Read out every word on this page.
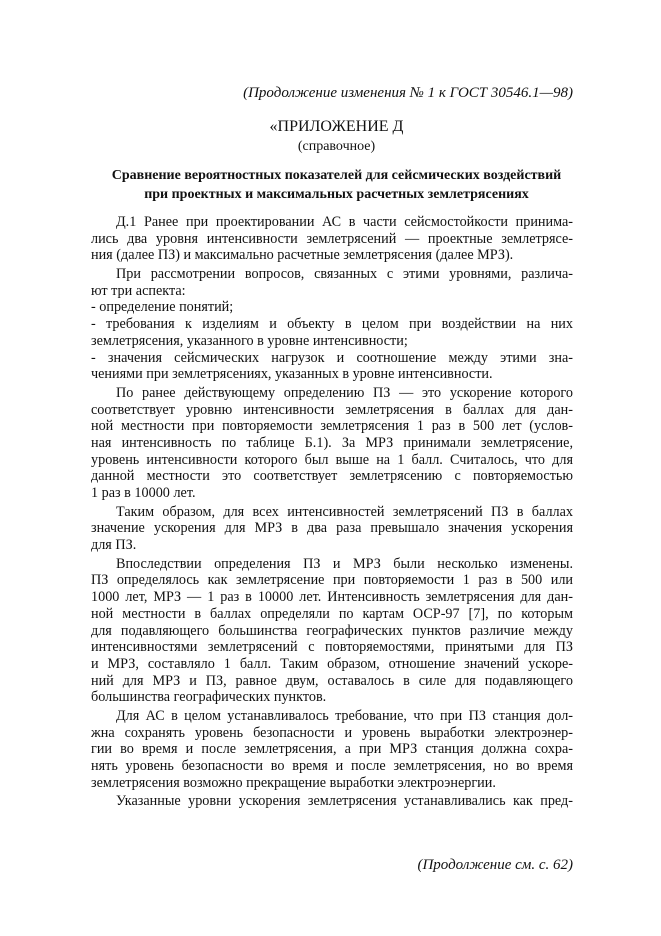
(Продолжение изменения № 1 к ГОСТ 30546.1—98)
«ПРИЛОЖЕНИЕ Д
(справочное)
Сравнение вероятностных показателей для сейсмических воздействий
при проектных и максимальных расчетных землетрясениях
Д.1 Ранее при проектировании АС в части сейсмостойкости принима-
лись два уровня интенсивности землетрясений — проектные землетрясе-
ния (далее ПЗ) и максимально расчетные землетрясения (далее МРЗ).
При рассмотрении вопросов, связанных с этими уровнями, различа-
ют три аспекта:
- определение понятий;
- требования к изделиям и объекту в целом при воздействии на них
землетрясения, указанного в уровне интенсивности;
- значения сейсмических нагрузок и соотношение между этими зна-
чениями при землетрясениях, указанных в уровне интенсивности.
По ранее действующему определению ПЗ — это ускорение которого
соответствует уровню интенсивности землетрясения в баллах для дан-
ной местности при повторяемости землетрясения 1 раз в 500 лет (услов-
ная интенсивность по таблице Б.1). За МРЗ принимали землетрясение,
уровень интенсивности которого был выше на 1 балл. Считалось, что для
данной местности это соответствует землетрясению с повторяемостью
1 раз в 10000 лет.
Таким образом, для всех интенсивностей землетрясений ПЗ в баллах
значение ускорения для МРЗ в два раза превышало значения ускорения
для ПЗ.
Впоследствии определения ПЗ и МРЗ были несколько изменены.
ПЗ определялось как землетрясение при повторяемости 1 раз в 500 или
1000 лет, МРЗ — 1 раз в 10000 лет. Интенсивность землетрясения для дан-
ной местности в баллах определяли по картам ОСР-97 [7], по которым
для подавляющего большинства географических пунктов различие между
интенсивностями землетрясений с повторяемостями, принятыми для ПЗ
и МРЗ, составляло 1 балл. Таким образом, отношение значений ускоре-
ний для МРЗ и ПЗ, равное двум, оставалось в силе для подавляющего
большинства географических пунктов.
Для АС в целом устанавливалось требование, что при ПЗ станция дол-
жна сохранять уровень безопасности и уровень выработки электроэнер-
гии во время и после землетрясения, а при МРЗ станция должна сохра-
нять уровень безопасности во время и после землетрясения, но во время
землетрясения возможно прекращение выработки электроэнергии.
Указанные уровни ускорения землетрясения устанавливались как пред-
(Продолжение см. с. 62)
